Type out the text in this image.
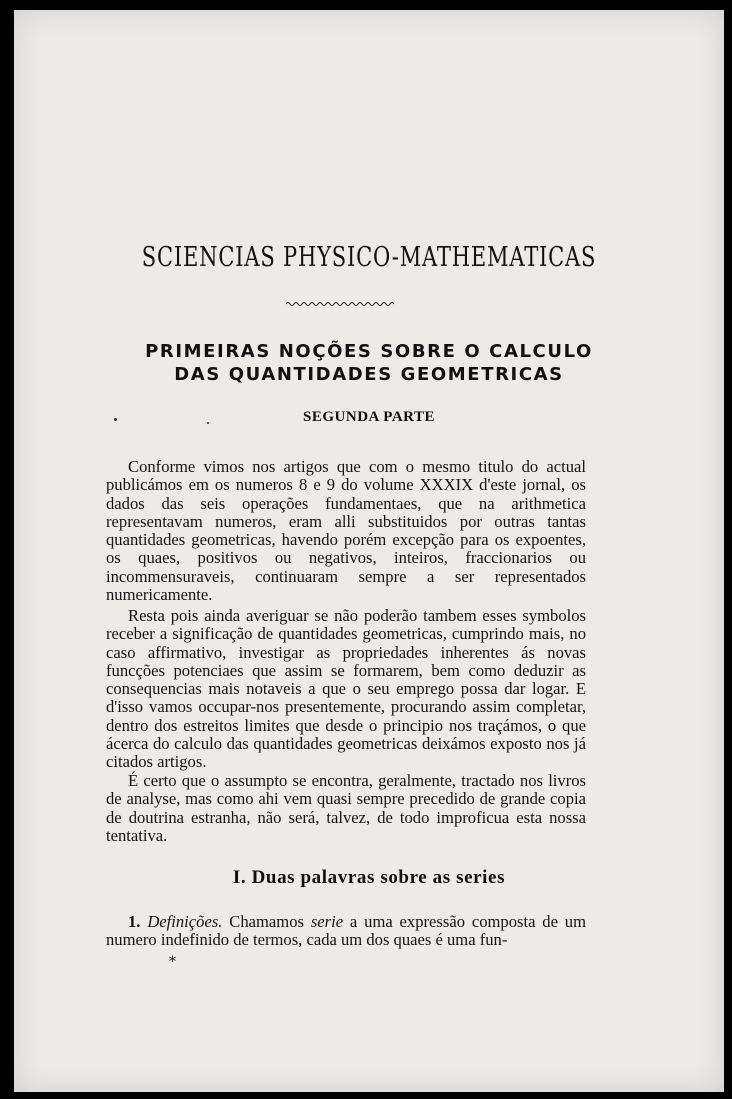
SCIENCIAS PHYSICO-MATHEMATICAS
PRIMEIRAS NOÇÕES SOBRE O CALCULO
DAS QUANTIDADES GEOMETRICAS
SEGUNDA PARTE

Conforme vimos nos artigos que com o mesmo titulo do actual publicámos em os numeros 8 e 9 do volume XXXIX d'este jornal, os dados das seis operações fundamentaes, que na arithmetica representavam numeros, eram alli substituidos por outras tantas quantidades geometricas, havendo porém excepção para os expoentes, os quaes, positivos ou negativos, inteiros, fraccionarios ou incommensuraveis, continuaram sempre a ser representados numericamente.

Resta pois ainda averiguar se não poderão tambem esses symbolos receber a significação de quantidades geometricas, cumprindo mais, no caso affirmativo, investigar as propriedades inherentes ás novas funcções potenciaes que assim se formarem, bem como deduzir as consequencias mais notaveis a que o seu emprego possa dar logar. E d'isso vamos occupar-nos presentemente, procurando assim completar, dentro dos estreitos limites que desde o principio nos traçámos, o que ácerca do calculo das quantidades geometricas deixámos exposto nos já citados artigos.

É certo que o assumpto se encontra, geralmente, tractado nos livros de analyse, mas como ahi vem quasi sempre precedido de grande copia de doutrina estranha, não será, talvez, de todo improficua esta nossa tentativa.

I. Duas palavras sobre as series

1. Definições. Chamamos serie a uma expressão composta de um numero indefinido de termos, cada um dos quaes é uma fun-

*
